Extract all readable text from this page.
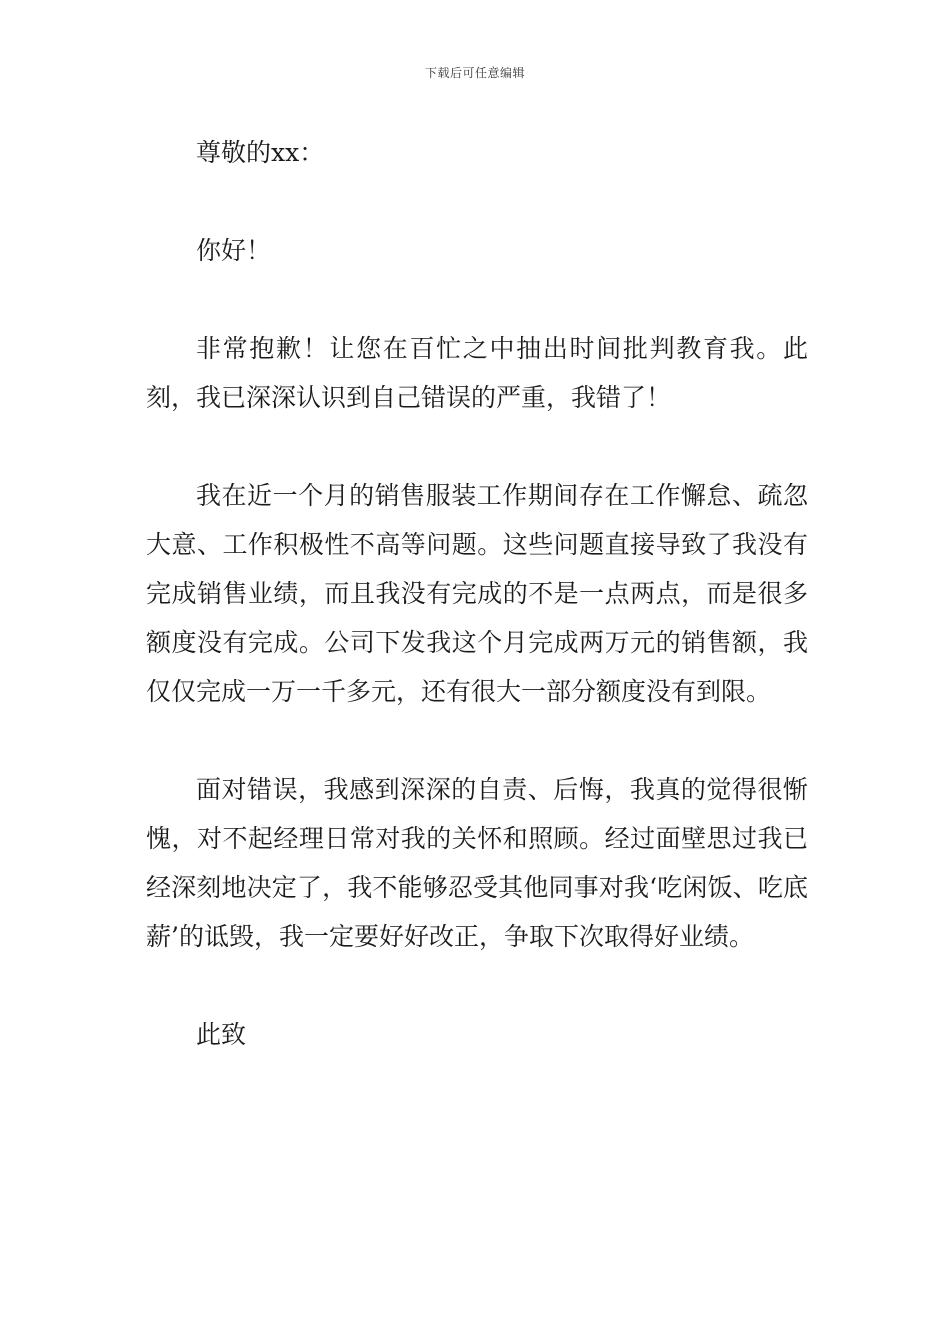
下载后可任意编辑

尊敬的xx：

你好！

非常抱歉！让您在百忙之中抽出时间批判教育我。此刻，我已深深认识到自己错误的严重，我错了！

我在近一个月的销售服装工作期间存在工作懈怠、疏忽大意、工作积极性不高等问题。这些问题直接导致了我没有完成销售业绩，而且我没有完成的不是一点两点，而是很多额度没有完成。公司下发我这个月完成两万元的销售额，我仅仅完成一万一千多元，还有很大一部分额度没有到限。

面对错误，我感到深深的自责、后悔，我真的觉得很惭愧，对不起经理日常对我的关怀和照顾。经过面壁思过我已经深刻地决定了，我不能够忍受其他同事对我‘吃闲饭、吃底薪’的诋毁，我一定要好好改正，争取下次取得好业绩。

此致
